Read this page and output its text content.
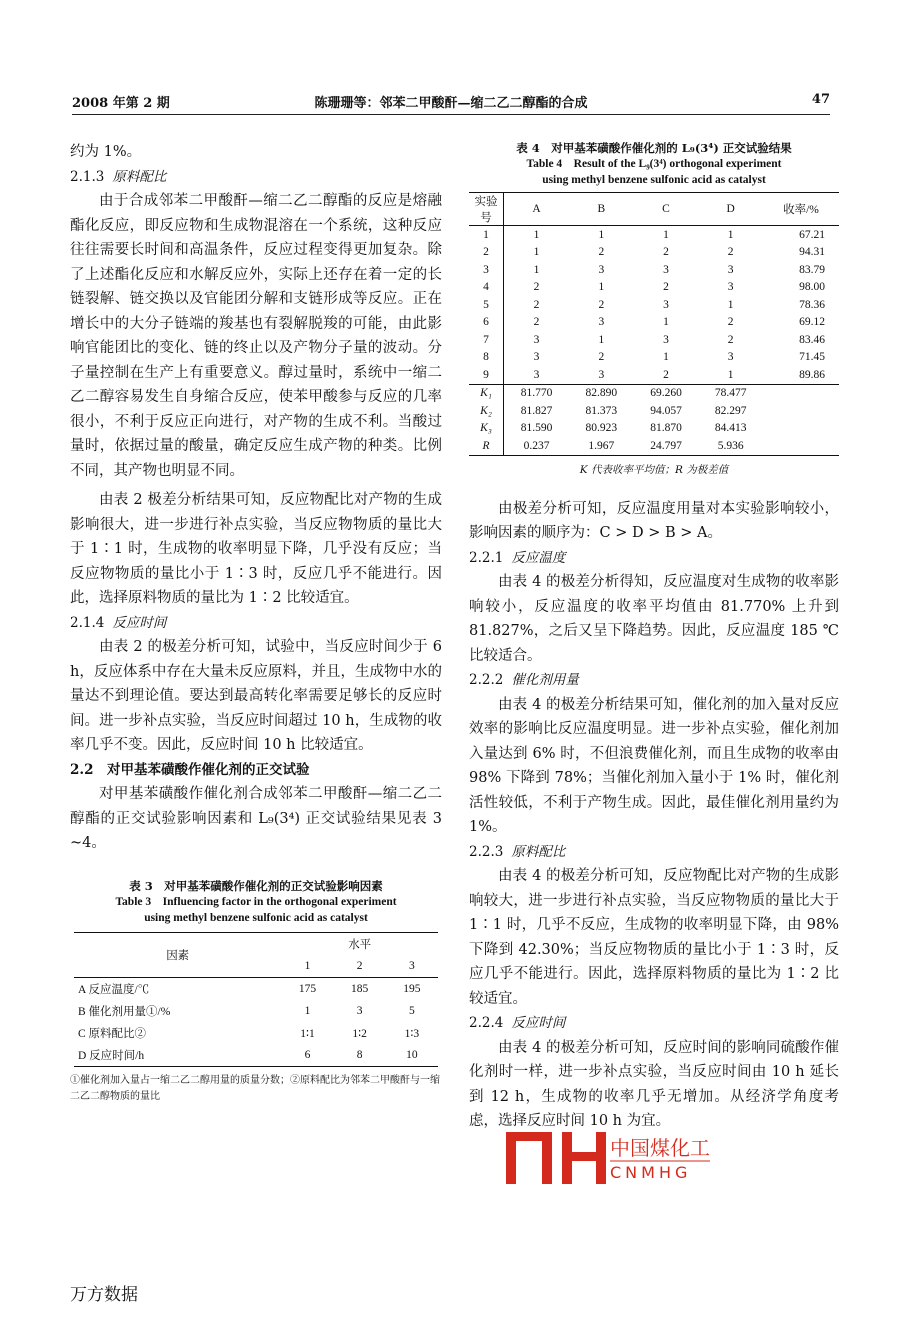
2008 年第 2 期	陈珊珊等：邻苯二甲酸酐—缩二乙二醇酯的合成	47

约为 1%。

2.1.3 原料配比

由于合成邻苯二甲酸酐—缩二乙二醇酯的反应是熔融酯化反应，即反应物和生成物混溶在一个系统，这种反应往往需要长时间和高温条件，反应过程变得更加复杂。除了上述酯化反应和水解反应外，实际上还存在着一定的长链裂解、链交换以及官能团分解和支链形成等反应。正在增长中的大分子链端的羧基也有裂解脱羧的可能，由此影响官能团比的变化、链的终止以及产物分子量的波动。分子量控制在生产上有重要意义。醇过量时，系统中一缩二乙二醇容易发生自身缩合反应，使苯甲酸参与反应的几率很小，不利于反应正向进行，对产物的生成不利。当酸过量时，依据过量的酸量，确定反应生成产物的种类。比例不同，其产物也明显不同。

由表 2 极差分析结果可知，反应物配比对产物的生成影响很大，进一步进行补点实验，当反应物物质的量比大于 1∶1 时，生成物的收率明显下降，几乎没有反应；当反应物物质的量比小于 1∶3 时，反应几乎不能进行。因此，选择原料物质的量比为 1∶2 比较适宜。

2.1.4 反应时间

由表 2 的极差分析可知，试验中，当反应时间少于 6 h，反应体系中存在大量未反应原料，并且，生成物中水的量达不到理论值。要达到最高转化率需要足够长的反应时间。进一步补点实验，当反应时间超过 10 h，生成物的收率几乎不变。因此，反应时间 10 h 比较适宜。

2.2　对甲基苯磺酸作催化剂的正交试验

对甲基苯磺酸作催化剂合成邻苯二甲酸酐—缩二乙二醇酯的正交试验影响因素和 L₉(3⁴) 正交试验结果见表 3 ~4。

表 3　对甲基苯磺酸作催化剂的正交试验影响因素
Table 3　Influencing factor in the orthogonal experiment
using methyl benzene sulfonic acid as catalyst
因素	水平		
	1	2	3
A 反应温度/℃	175	185	195
B 催化剂用量①/%	1	3	5
C 原料配比②	1∶1	1∶2	1∶3
D 反应时间/h	6	8	10
①催化剂加入量占一缩二乙二醇用量的质量分数；②原料配比为邻苯二甲酸酐与一缩二乙二醇物质的量比
表 4　对甲基苯磺酸作催化剂的 L₉(3⁴) 正交试验结果
Table 4　Result of the L₉(3⁴) orthogonal experiment
using methyl benzene sulfonic acid as catalyst
实验号	A	B	C	D	收率/%
1	1	1	1	1	67.21
2	1	2	2	2	94.31
3	1	3	3	3	83.79
4	2	1	2	3	98.00
5	2	2	3	1	78.36
6	2	3	1	2	69.12
7	3	1	3	2	83.46
8	3	2	1	3	71.45
9	3	3	2	1	89.86
K₁	81.770	82.890	69.260	78.477	
K₂	81.827	81.373	94.057	82.297	
K₃	81.590	80.923	81.870	84.413	
R	0.237	1.967	24.797	5.936	
K 代表收率平均值；R 为极差值

由极差分析可知，反应温度用量对本实验影响较小，影响因素的顺序为：C > D > B > A。

2.2.1 反应温度

由表 4 的极差分析得知，反应温度对生成物的收率影响较小，反应温度的收率平均值由 81.770% 上升到 81.827%，之后又呈下降趋势。因此，反应温度 185 ℃ 比较适合。

2.2.2 催化剂用量

由表 4 的极差分析结果可知，催化剂的加入量对反应效率的影响比反应温度明显。进一步补点实验，催化剂加入量达到 6% 时，不但浪费催化剂，而且生成物的收率由 98% 下降到 78%；当催化剂加入量小于 1% 时，催化剂活性较低，不利于产物生成。因此，最佳催化剂用量约为 1%。

2.2.3 原料配比

由表 4 的极差分析可知，反应物配比对产物的生成影响较大，进一步进行补点实验，当反应物物质的量比大于 1∶1 时，几乎不反应，生成物的收率明显下降，由 98% 下降到 42.30%；当反应物物质的量比小于 1∶3 时，反应几乎不能进行。因此，选择原料物质的量比为 1∶2 比较适宜。

2.2.4 反应时间

由表 4 的极差分析可知，反应时间的影响同硫酸作催化剂时一样，进一步补点实验，当反应时间由 10 h 延长到 12 h，生成物的收率几乎无增加。从经济学角度考虑，选择反应时间 10 h 为宜。

中国煤化工
CNMHG
万方数据
